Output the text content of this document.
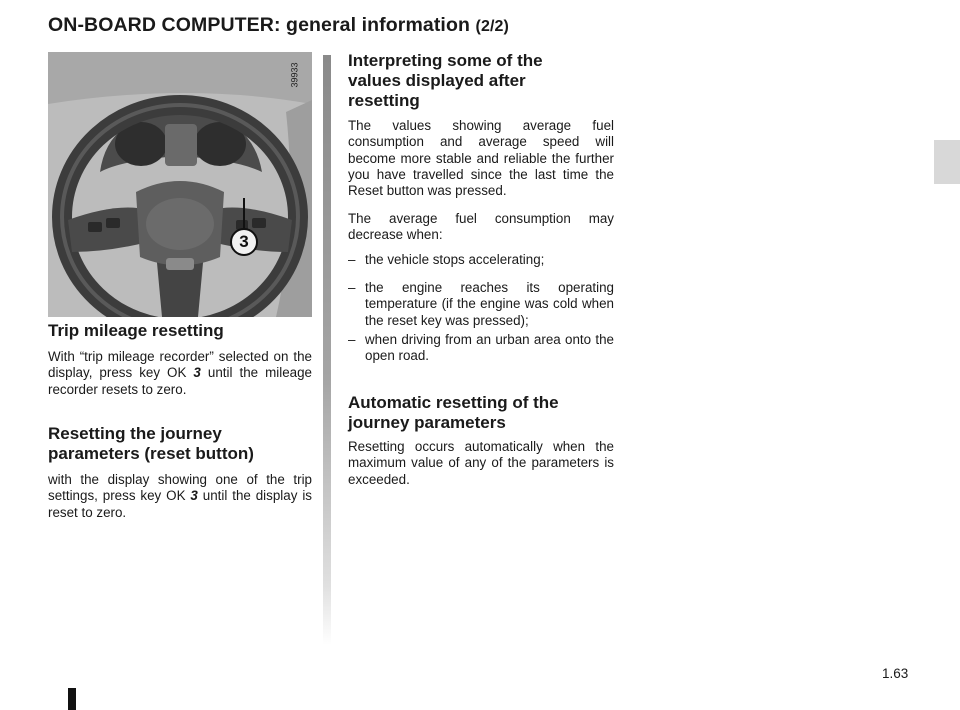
ON-BOARD COMPUTER: general information (2/2)
3
39933
Trip mileage resetting

With “trip mileage recorder” selected on the display, press key OK 3 until the mileage recorder resets to zero.

Resetting the journey
parameters (reset button)

with the display showing one of the trip settings, press key OK 3 until the display is reset to zero.

Interpreting some of the
values displayed after
resetting

The values showing average fuel consumption and average speed will become more stable and reliable the further you have travelled since the last time the Reset button was pressed.

The average fuel consumption may decrease when:

– the vehicle stops accelerating;
– the engine reaches its operating temperature (if the engine was cold when the reset key was pressed);
– when driving from an urban area onto the open road.
Automatic resetting of the
journey parameters

Resetting occurs automatically when the maximum value of any of the parameters is exceeded.

1.63
